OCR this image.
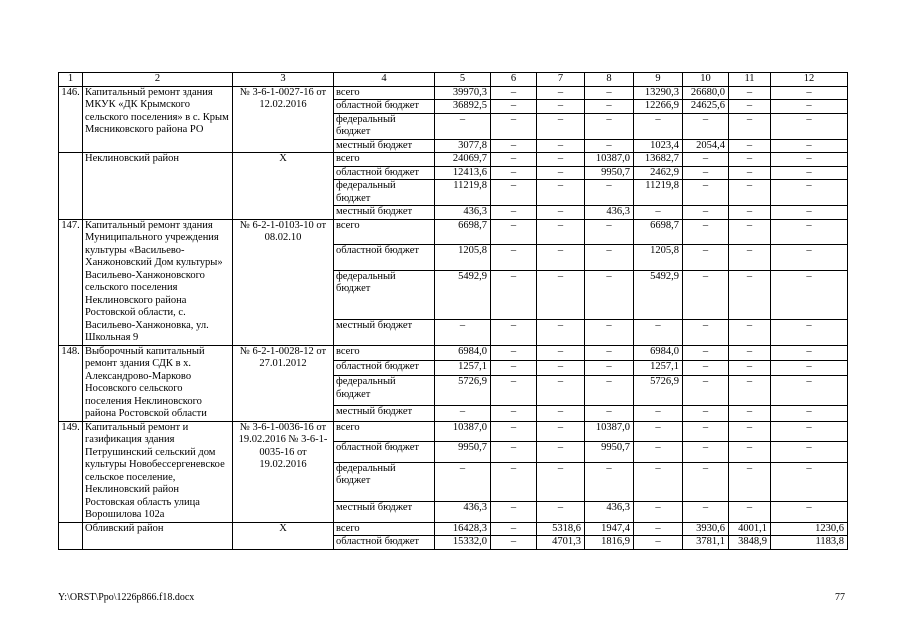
1	2	3	4	5	6	7	8	9	10	11	12
146.	Капитальный ремонт здания МКУК «ДК Крымского сельского поселения» в с. Крым Мясниковского района РО	№ 3-6-1-0027-16 от 12.02.2016	всего	39970,3	–	–	–	13290,3	26680,0	–	–
			областной бюджет	36892,5	–	–	–	12266,9	24625,6	–	–
			федеральный бюджет	–	–	–	–	–	–	–	–
			местный бюджет	3077,8	–	–	–	1023,4	2054,4	–	–
	Неклиновский район	Х	всего	24069,7	–	–	10387,0	13682,7	–	–	–
			областной бюджет	12413,6	–	–	9950,7	2462,9	–	–	–
			федеральный бюджет	11219,8	–	–	–	11219,8	–	–	–
			местный бюджет	436,3	–	–	436,3	–	–	–	–
147.	Капитальный ремонт здания Муниципального учреждения культуры «Васильево-Ханжоновский Дом культуры» Васильево-Ханжоновского сельского поселения Неклиновского района Ростовской области, с. Васильево-Ханжоновка, ул. Школьная 9	№ 6-2-1-0103-10 от 08.02.10	всего	6698,7	–	–	–	6698,7	–	–	–
			областной бюджет	1205,8	–	–	–	1205,8	–	–	–
			федеральный бюджет	5492,9	–	–	–	5492,9	–	–	–
			местный бюджет	–	–	–	–	–	–	–	–
148.	Выборочный капитальный ремонт здания СДК в х. Александрово-Марково Носовского сельского поселения Неклиновского района Ростовской области	№ 6-2-1-0028-12 от 27.01.2012	всего	6984,0	–	–	–	6984,0	–	–	–
			областной бюджет	1257,1	–	–	–	1257,1	–	–	–
			федеральный бюджет	5726,9	–	–	–	5726,9	–	–	–
			местный бюджет	–	–	–	–	–	–	–	–
149.	Капитальный ремонт и газификация здания Петрушинский сельский дом культуры Новобессергеневское сельское поселение, Неклиновский район Ростовская область улица Ворошилова 102а	№ 3-6-1-0036-16 от 19.02.2016 № 3-6-1-0035-16 от 19.02.2016	всего	10387,0	–	–	10387,0	–	–	–	–
			областной бюджет	9950,7	–	–	9950,7	–	–	–	–
			федеральный бюджет	–	–	–	–	–	–	–	–
			местный бюджет	436,3	–	–	436,3	–	–	–	–
	Обливский район	Х	всего	16428,3	–	5318,6	1947,4	–	3930,6	4001,1	1230,6
			областной бюджет	15332,0	–	4701,3	1816,9	–	3781,1	3848,9	1183,8
Y:\ORST\Ppo\1226p866.f18.docx	77
